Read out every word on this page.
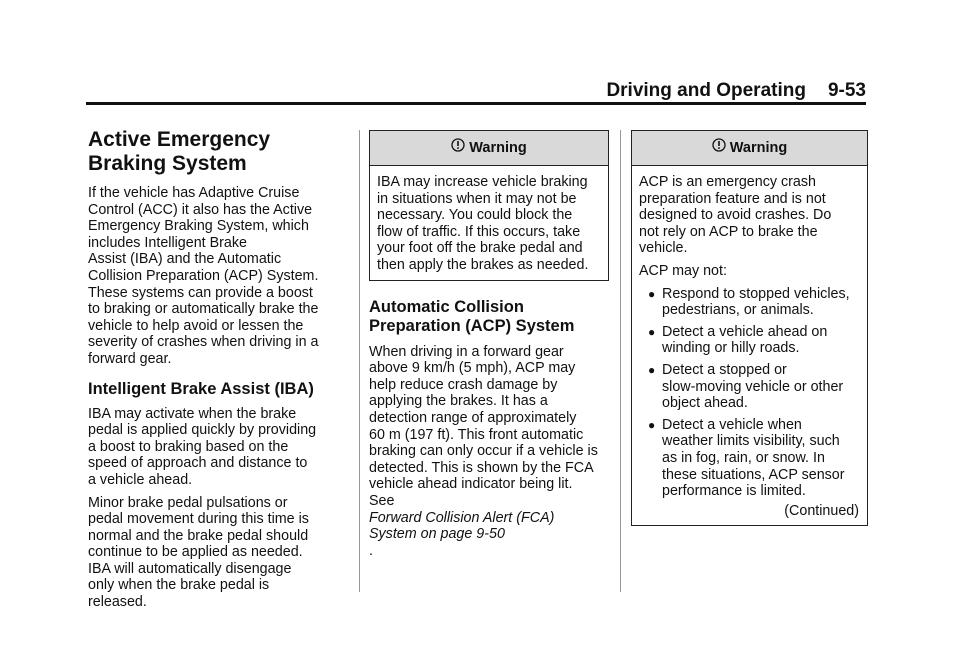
Driving and Operating 9-53
Active Emergency
Braking System

If the vehicle has Adaptive Cruise
Control (ACC) it also has the Active
Emergency Braking System, which
includes Intelligent Brake
Assist (IBA) and the Automatic
Collision Preparation (ACP) System.
These systems can provide a boost
to braking or automatically brake the
vehicle to help avoid or lessen the
severity of crashes when driving in a
forward gear.

Intelligent Brake Assist (IBA)

IBA may activate when the brake
pedal is applied quickly by providing
a boost to braking based on the
speed of approach and distance to
a vehicle ahead.

Minor brake pedal pulsations or
pedal movement during this time is
normal and the brake pedal should
continue to be applied as needed.
IBA will automatically disengage
only when the brake pedal is
released.

Warning
IBA may increase vehicle braking
in situations when it may not be
necessary. You could block the
flow of traffic. If this occurs, take
your foot off the brake pedal and
then apply the brakes as needed.
Automatic Collision
Preparation (ACP) System

When driving in a forward gear
above 9 km/h (5 mph), ACP may
help reduce crash damage by
applying the brakes. It has a
detection range of approximately
60 m (197 ft). This front automatic
braking can only occur if a vehicle is
detected. This is shown by the FCA
vehicle ahead indicator being lit.
See
Forward Collision Alert (FCA)
System on page 9-50
.

Warning

ACP is an emergency crash
preparation feature and is not
designed to avoid crashes. Do
not rely on ACP to brake the
vehicle.

ACP may not:

● Respond to stopped vehicles,
pedestrians, or animals.
● Detect a vehicle ahead on
winding or hilly roads.
● Detect a stopped or
slow-moving vehicle or other
object ahead.
● Detect a vehicle when
weather limits visibility, such
as in fog, rain, or snow. In
these situations, ACP sensor
performance is limited.
(Continued)
